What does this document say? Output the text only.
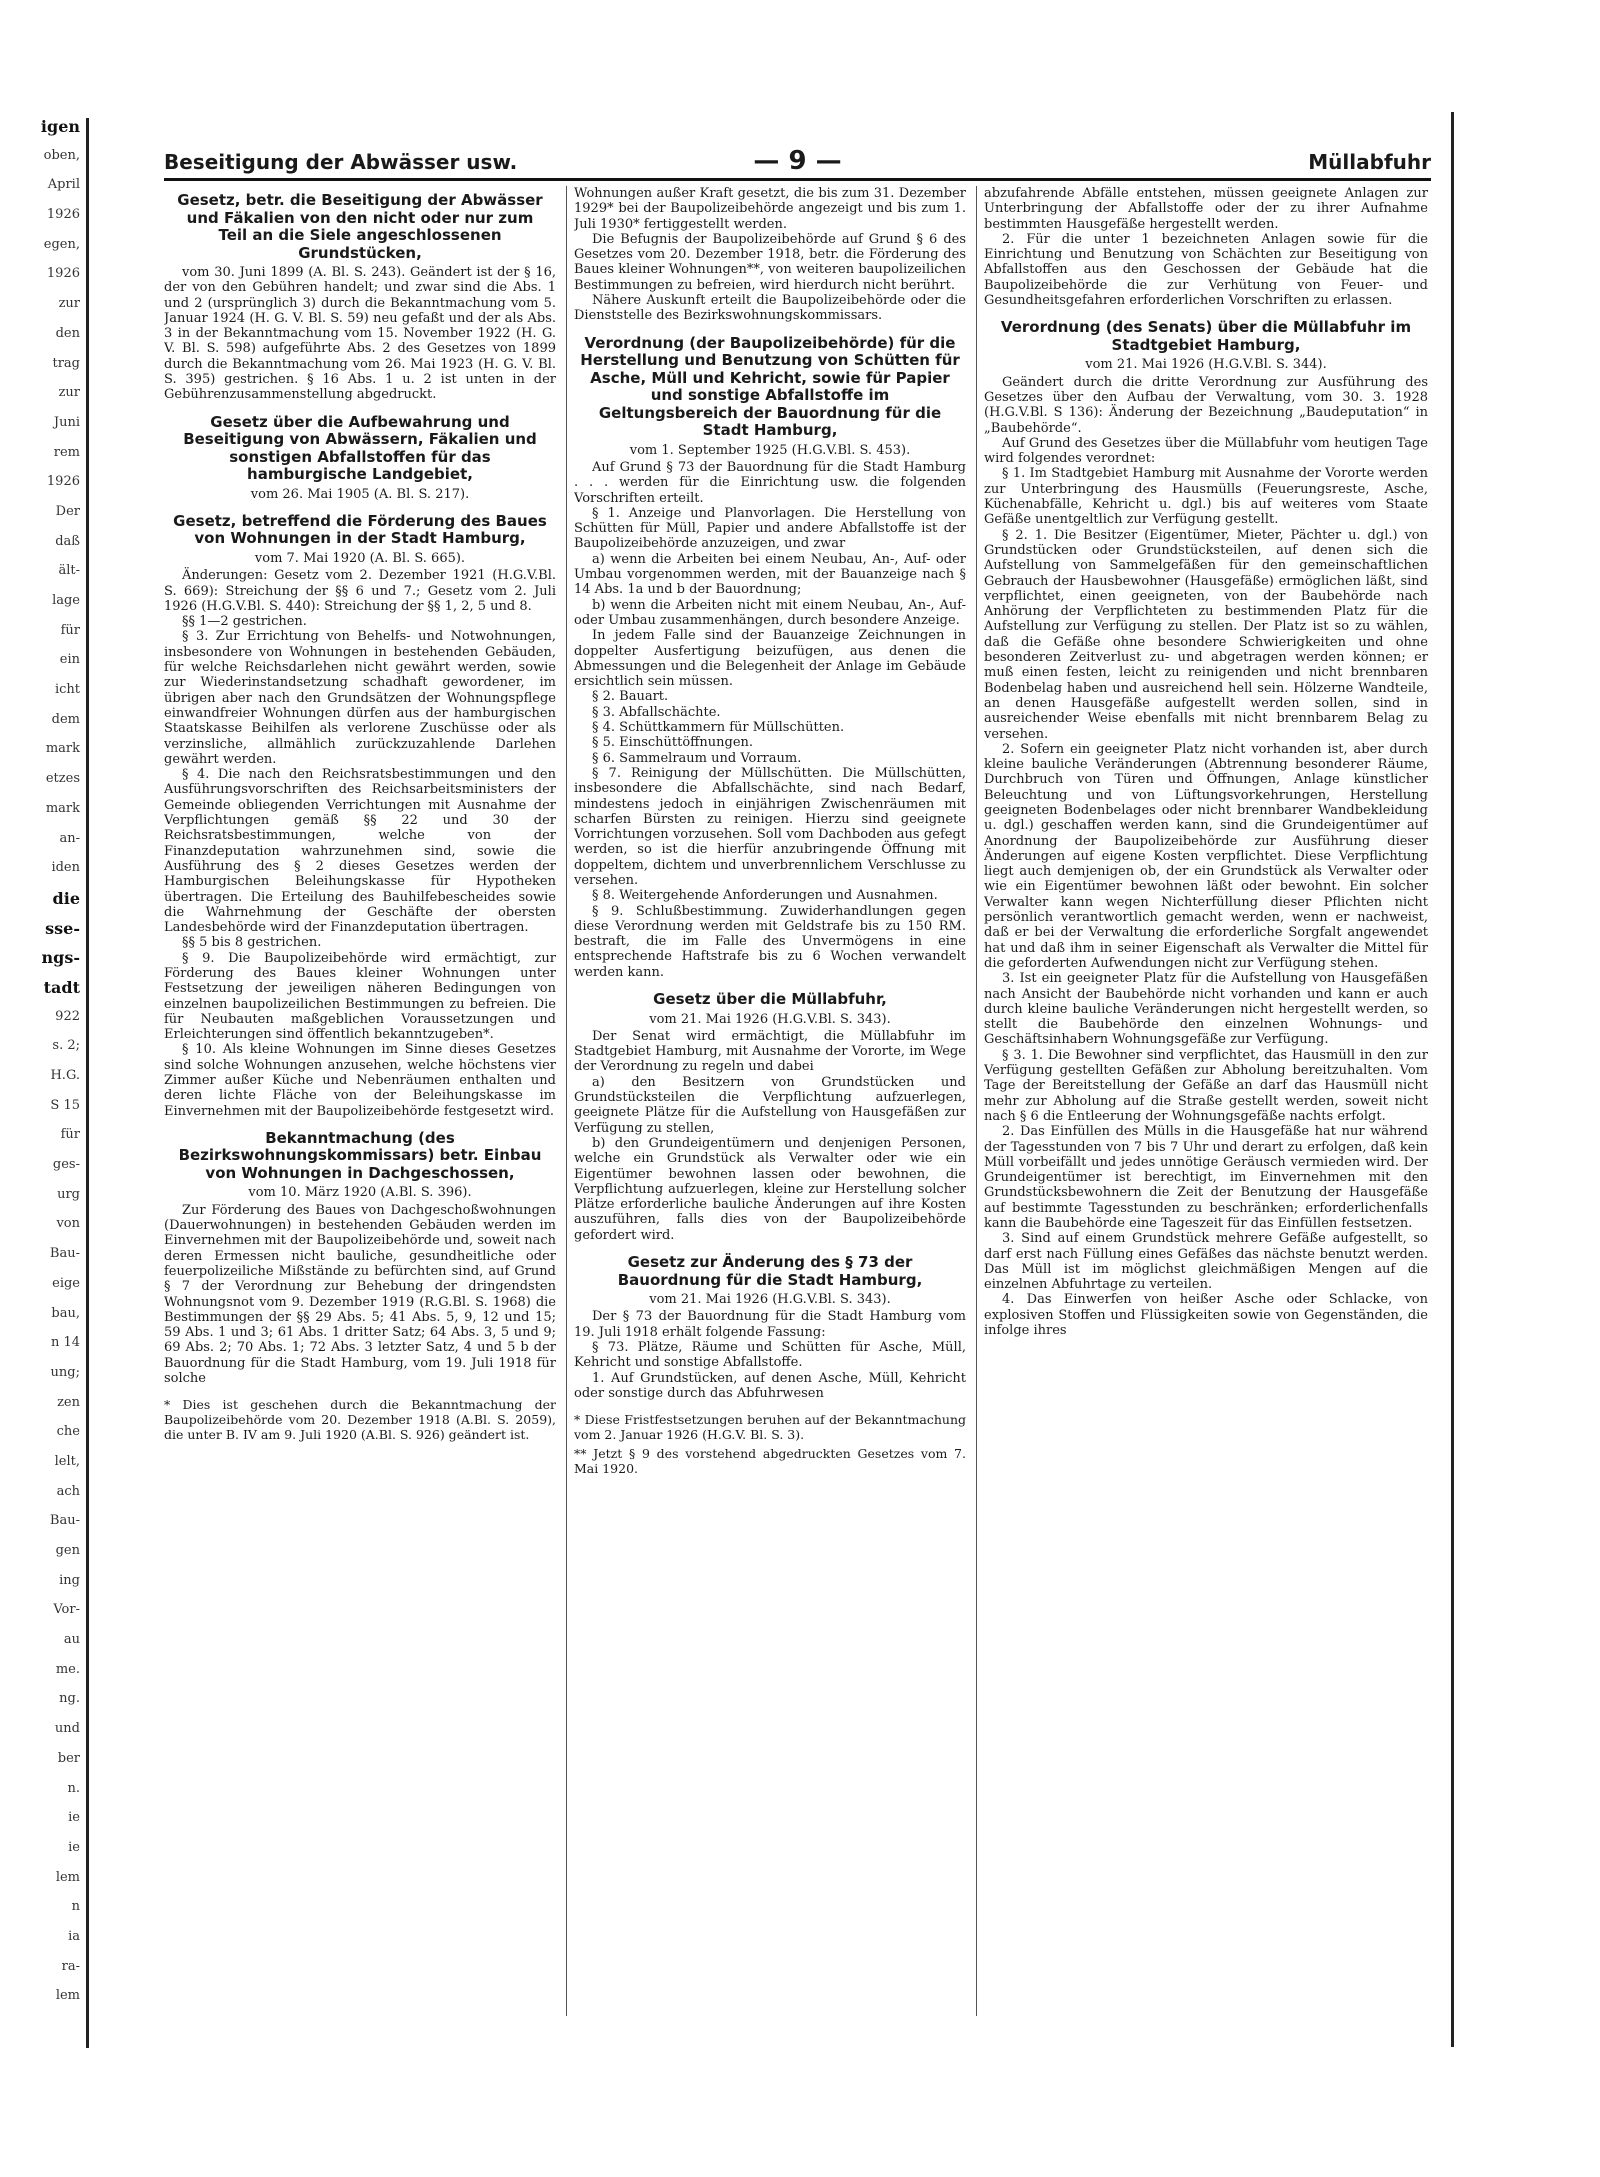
igen
oben,
April
1926
egen,
1926
zur
den
trag
zur
Juni
rem
1926
Der
daß
ält-
lage
für
ein
icht
dem
mark
etzes
mark
an-
iden
die
sse-
ngs-
tadt
922
s. 2;
H.G.
S 15
für
ges-
urg
von
Bau-
eige
bau,
n 14
ung;
zen
che
lelt,
ach
Bau-
gen
ing
Vor-
au
me.
ng.
und
ber
n.
ie
ie
lem
n
ia
ra-
lem
Beseitigung der Abwässer usw.	— 9 —	Müllabfuhr
Gesetz, betr. die Beseitigung der Abwässer und Fäkalien von den nicht oder nur zum Teil an die Siele angeschlossenen Grundstücken,

vom 30. Juni 1899 (A. Bl. S. 243). Geändert ist der § 16, der von den Gebühren handelt; und zwar sind die Abs. 1 und 2 (ursprünglich 3) durch die Bekanntmachung vom 5. Januar 1924 (H. G. V. Bl. S. 59) neu gefaßt und der als Abs. 3 in der Bekanntmachung vom 15. November 1922 (H. G. V. Bl. S. 598) aufgeführte Abs. 2 des Gesetzes von 1899 durch die Bekanntmachung vom 26. Mai 1923 (H. G. V. Bl. S. 395) gestrichen. § 16 Abs. 1 u. 2 ist unten in der Gebührenzusammenstellung abgedruckt.

Gesetz über die Aufbewahrung und Beseitigung von Abwässern, Fäkalien und sonstigen Abfallstoffen für das hamburgische Landgebiet,
vom 26. Mai 1905 (A. Bl. S. 217).
Gesetz, betreffend die Förderung des Baues von Wohnungen in der Stadt Hamburg,
vom 7. Mai 1920 (A. Bl. S. 665).

Änderungen: Gesetz vom 2. Dezember 1921 (H.G.V.Bl. S. 669): Streichung der §§ 6 und 7.; Gesetz vom 2. Juli 1926 (H.G.V.Bl. S. 440): Streichung der §§ 1, 2, 5 und 8.

§§ 1—2 gestrichen.

§ 3. Zur Errichtung von Behelfs- und Notwohnungen, insbesondere von Wohnungen in bestehenden Gebäuden, für welche Reichsdarlehen nicht gewährt werden, sowie zur Wiederinstandsetzung schadhaft gewordener, im übrigen aber nach den Grundsätzen der Wohnungspflege einwandfreier Wohnungen dürfen aus der hamburgischen Staatskasse Beihilfen als verlorene Zuschüsse oder als verzinsliche, allmählich zurückzuzahlende Darlehen gewährt werden.

§ 4. Die nach den Reichsratsbestimmungen und den Ausführungsvorschriften des Reichsarbeitsministers der Gemeinde obliegenden Verrichtungen mit Ausnahme der Verpflichtungen gemäß §§ 22 und 30 der Reichsratsbestimmungen, welche von der Finanzdeputation wahrzunehmen sind, sowie die Ausführung des § 2 dieses Gesetzes werden der Hamburgischen Beleihungskasse für Hypotheken übertragen. Die Erteilung des Bauhilfebescheides sowie die Wahrnehmung der Geschäfte der obersten Landesbehörde wird der Finanzdeputation übertragen.

§§ 5 bis 8 gestrichen.

§ 9. Die Baupolizeibehörde wird ermächtigt, zur Förderung des Baues kleiner Wohnungen unter Festsetzung der jeweiligen näheren Bedingungen von einzelnen baupolizeilichen Bestimmungen zu befreien. Die für Neubauten maßgeblichen Voraussetzungen und Erleichterungen sind öffentlich bekanntzugeben*.

§ 10. Als kleine Wohnungen im Sinne dieses Gesetzes sind solche Wohnungen anzusehen, welche höchstens vier Zimmer außer Küche und Nebenräumen enthalten und deren lichte Fläche von der Beleihungskasse im Einvernehmen mit der Baupolizeibehörde festgesetzt wird.

Bekanntmachung (des Bezirkswohnungskommissars) betr. Einbau von Wohnungen in Dachgeschossen,
vom 10. März 1920 (A.Bl. S. 396).

Zur Förderung des Baues von Dachgeschoßwohnungen (Dauerwohnungen) in bestehenden Gebäuden werden im Einvernehmen mit der Baupolizeibehörde und, soweit nach deren Ermessen nicht bauliche, gesundheitliche oder feuerpolizeiliche Mißstände zu befürchten sind, auf Grund § 7 der Verordnung zur Behebung der dringendsten Wohnungsnot vom 9. Dezember 1919 (R.G.Bl. S. 1968) die Bestimmungen der §§ 29 Abs. 5; 41 Abs. 5, 9, 12 und 15; 59 Abs. 1 und 3; 61 Abs. 1 dritter Satz; 64 Abs. 3, 5 und 9; 69 Abs. 2; 70 Abs. 1; 72 Abs. 3 letzter Satz, 4 und 5 b der Bauordnung für die Stadt Hamburg, vom 19. Juli 1918 für solche

* Dies ist geschehen durch die Bekanntmachung der Baupolizeibehörde vom 20. Dezember 1918 (A.Bl. S. 2059), die unter B. IV am 9. Juli 1920 (A.Bl. S. 926) geändert ist.

Wohnungen außer Kraft gesetzt, die bis zum 31. Dezember 1929* bei der Baupolizeibehörde angezeigt und bis zum 1. Juli 1930* fertiggestellt werden.

Die Befugnis der Baupolizeibehörde auf Grund § 6 des Gesetzes vom 20. Dezember 1918, betr. die Förderung des Baues kleiner Wohnungen**, von weiteren baupolizeilichen Bestimmungen zu befreien, wird hierdurch nicht berührt.

Nähere Auskunft erteilt die Baupolizeibehörde oder die Dienststelle des Bezirkswohnungskommissars.

Verordnung (der Baupolizeibehörde) für die Herstellung und Benutzung von Schütten für Asche, Müll und Kehricht, sowie für Papier und sonstige Abfallstoffe im Geltungsbereich der Bauordnung für die Stadt Hamburg,
vom 1. September 1925 (H.G.V.Bl. S. 453).

Auf Grund § 73 der Bauordnung für die Stadt Hamburg . . . werden für die Einrichtung usw. die folgenden Vorschriften erteilt.

§ 1. Anzeige und Planvorlagen. Die Herstellung von Schütten für Müll, Papier und andere Abfallstoffe ist der Baupolizeibehörde anzuzeigen, und zwar

a) wenn die Arbeiten bei einem Neubau, An-, Auf- oder Umbau vorgenommen werden, mit der Bauanzeige nach § 14 Abs. 1a und b der Bauordnung;

b) wenn die Arbeiten nicht mit einem Neubau, An-, Auf- oder Umbau zusammenhängen, durch besondere Anzeige.

In jedem Falle sind der Bauanzeige Zeichnungen in doppelter Ausfertigung beizufügen, aus denen die Abmessungen und die Belegenheit der Anlage im Gebäude ersichtlich sein müssen.

§ 2. Bauart.

§ 3. Abfallschächte.

§ 4. Schüttkammern für Müllschütten.

§ 5. Einschüttöffnungen.

§ 6. Sammelraum und Vorraum.

§ 7. Reinigung der Müllschütten. Die Müllschütten, insbesondere die Abfallschächte, sind nach Bedarf, mindestens jedoch in einjährigen Zwischenräumen mit scharfen Bürsten zu reinigen. Hierzu sind geeignete Vorrichtungen vorzusehen. Soll vom Dachboden aus gefegt werden, so ist die hierfür anzubringende Öffnung mit doppeltem, dichtem und unverbrennlichem Verschlusse zu versehen.

§ 8. Weitergehende Anforderungen und Ausnahmen.

§ 9. Schlußbestimmung. Zuwiderhandlungen gegen diese Verordnung werden mit Geldstrafe bis zu 150 RM. bestraft, die im Falle des Unvermögens in eine entsprechende Haftstrafe bis zu 6 Wochen verwandelt werden kann.

Gesetz über die Müllabfuhr,
vom 21. Mai 1926 (H.G.V.Bl. S. 343).

Der Senat wird ermächtigt, die Müllabfuhr im Stadtgebiet Hamburg, mit Ausnahme der Vororte, im Wege der Verordnung zu regeln und dabei

a) den Besitzern von Grundstücken und Grundstücksteilen die Verpflichtung aufzuerlegen, geeignete Plätze für die Aufstellung von Hausgefäßen zur Verfügung zu stellen,

b) den Grundeigentümern und denjenigen Personen, welche ein Grundstück als Verwalter oder wie ein Eigentümer bewohnen lassen oder bewohnen, die Verpflichtung aufzuerlegen, kleine zur Herstellung solcher Plätze erforderliche bauliche Änderungen auf ihre Kosten auszuführen, falls dies von der Baupolizeibehörde gefordert wird.

Gesetz zur Änderung des § 73 der Bauordnung für die Stadt Hamburg,
vom 21. Mai 1926 (H.G.V.Bl. S. 343).

Der § 73 der Bauordnung für die Stadt Hamburg vom 19. Juli 1918 erhält folgende Fassung:

§ 73. Plätze, Räume und Schütten für Asche, Müll, Kehricht und sonstige Abfallstoffe.

1. Auf Grundstücken, auf denen Asche, Müll, Kehricht oder sonstige durch das Abfuhrwesen

* Diese Fristfestsetzungen beruhen auf der Bekanntmachung vom 2. Januar 1926 (H.G.V. Bl. S. 3).

** Jetzt § 9 des vorstehend abgedruckten Gesetzes vom 7. Mai 1920.

abzufahrende Abfälle entstehen, müssen geeignete Anlagen zur Unterbringung der Abfallstoffe oder der zu ihrer Aufnahme bestimmten Hausgefäße hergestellt werden.

2. Für die unter 1 bezeichneten Anlagen sowie für die Einrichtung und Benutzung von Schächten zur Beseitigung von Abfallstoffen aus den Geschossen der Gebäude hat die Baupolizeibehörde die zur Verhütung von Feuer- und Gesundheitsgefahren erforderlichen Vorschriften zu erlassen.

Verordnung (des Senats) über die Müllabfuhr im Stadtgebiet Hamburg,
vom 21. Mai 1926 (H.G.V.Bl. S. 344).

Geändert durch die dritte Verordnung zur Ausführung des Gesetzes über den Aufbau der Verwaltung, vom 30. 3. 1928 (H.G.V.Bl. S 136): Änderung der Bezeichnung „Baudeputation“ in „Baubehörde“.

Auf Grund des Gesetzes über die Müllabfuhr vom heutigen Tage wird folgendes verordnet:

§ 1. Im Stadtgebiet Hamburg mit Ausnahme der Vororte werden zur Unterbringung des Hausmülls (Feuerungsreste, Asche, Küchenabfälle, Kehricht u. dgl.) bis auf weiteres vom Staate Gefäße unentgeltlich zur Verfügung gestellt.

§ 2. 1. Die Besitzer (Eigentümer, Mieter, Pächter u. dgl.) von Grundstücken oder Grundstücksteilen, auf denen sich die Aufstellung von Sammelgefäßen für den gemeinschaftlichen Gebrauch der Hausbewohner (Hausgefäße) ermöglichen läßt, sind verpflichtet, einen geeigneten, von der Baubehörde nach Anhörung der Verpflichteten zu bestimmenden Platz für die Aufstellung zur Verfügung zu stellen. Der Platz ist so zu wählen, daß die Gefäße ohne besondere Schwierigkeiten und ohne besonderen Zeitverlust zu- und abgetragen werden können; er muß einen festen, leicht zu reinigenden und nicht brennbaren Bodenbelag haben und ausreichend hell sein. Hölzerne Wandteile, an denen Hausgefäße aufgestellt werden sollen, sind in ausreichender Weise ebenfalls mit nicht brennbarem Belag zu versehen.

2. Sofern ein geeigneter Platz nicht vorhanden ist, aber durch kleine bauliche Veränderungen (Abtrennung besonderer Räume, Durchbruch von Türen und Öffnungen, Anlage künstlicher Beleuchtung und von Lüftungsvorkehrungen, Herstellung geeigneten Bodenbelages oder nicht brennbarer Wandbekleidung u. dgl.) geschaffen werden kann, sind die Grundeigentümer auf Anordnung der Baupolizeibehörde zur Ausführung dieser Änderungen auf eigene Kosten verpflichtet. Diese Verpflichtung liegt auch demjenigen ob, der ein Grundstück als Verwalter oder wie ein Eigentümer bewohnen läßt oder bewohnt. Ein solcher Verwalter kann wegen Nichterfüllung dieser Pflichten nicht persönlich verantwortlich gemacht werden, wenn er nachweist, daß er bei der Verwaltung die erforderliche Sorgfalt angewendet hat und daß ihm in seiner Eigenschaft als Verwalter die Mittel für die geforderten Aufwendungen nicht zur Verfügung stehen.

3. Ist ein geeigneter Platz für die Aufstellung von Hausgefäßen nach Ansicht der Baubehörde nicht vorhanden und kann er auch durch kleine bauliche Veränderungen nicht hergestellt werden, so stellt die Baubehörde den einzelnen Wohnungs- und Geschäftsinhabern Wohnungsgefäße zur Verfügung.

§ 3. 1. Die Bewohner sind verpflichtet, das Hausmüll in den zur Verfügung gestellten Gefäßen zur Abholung bereitzuhalten. Vom Tage der Bereitstellung der Gefäße an darf das Hausmüll nicht mehr zur Abholung auf die Straße gestellt werden, soweit nicht nach § 6 die Entleerung der Wohnungsgefäße nachts erfolgt.

2. Das Einfüllen des Mülls in die Hausgefäße hat nur während der Tagesstunden von 7 bis 7 Uhr und derart zu erfolgen, daß kein Müll vorbeifällt und jedes unnötige Geräusch vermieden wird. Der Grundeigentümer ist berechtigt, im Einvernehmen mit den Grundstücksbewohnern die Zeit der Benutzung der Hausgefäße auf bestimmte Tagesstunden zu beschränken; erforderlichenfalls kann die Baubehörde eine Tageszeit für das Einfüllen festsetzen.

3. Sind auf einem Grundstück mehrere Gefäße aufgestellt, so darf erst nach Füllung eines Gefäßes das nächste benutzt werden. Das Müll ist im möglichst gleichmäßigen Mengen auf die einzelnen Abfuhrtage zu verteilen.

4. Das Einwerfen von heißer Asche oder Schlacke, von explosiven Stoffen und Flüssigkeiten sowie von Gegenständen, die infolge ihres
